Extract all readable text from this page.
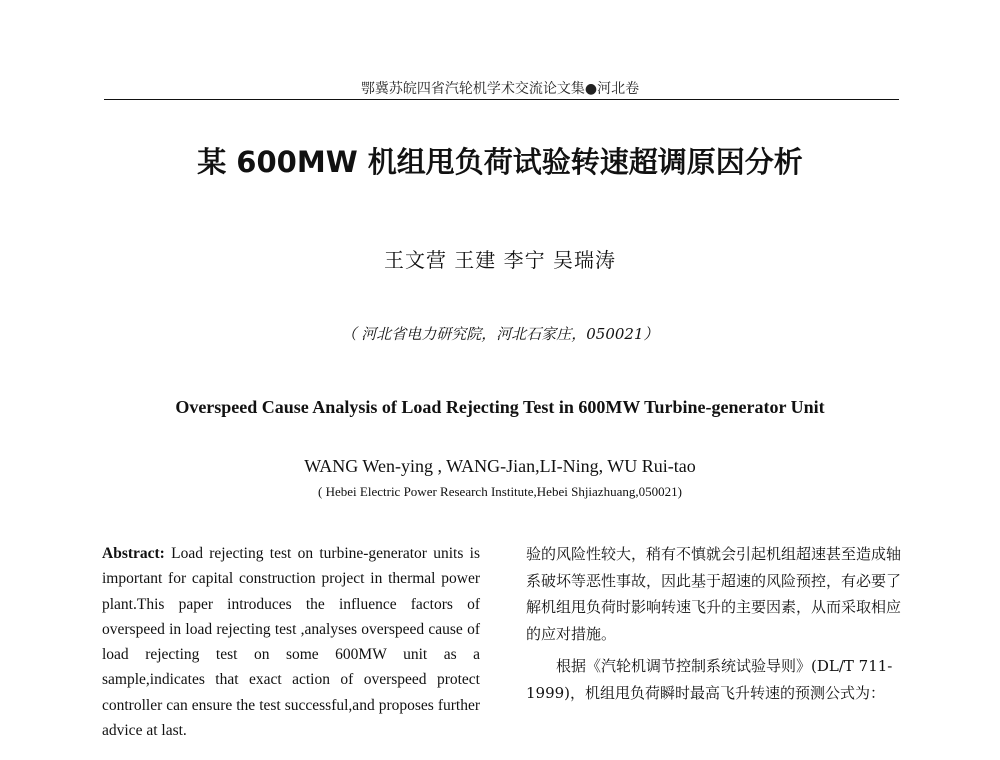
鄂冀苏皖四省汽轮机学术交流论文集●河北卷
某 600MW 机组甩负荷试验转速超调原因分析
王文营 王建 李宁 吴瑞涛
（ 河北省电力研究院，河北石家庄，050021）
Overspeed Cause Analysis of Load Rejecting Test in 600MW Turbine-generator Unit
WANG Wen-ying , WANG-Jian,LI-Ning, WU Rui-tao
( Hebei Electric Power Research Institute,Hebei Shjiazhuang,050021)

Abstract: Load rejecting test on turbine-generator units is important for capital construction project in thermal power plant.This paper introduces the influence factors of overspeed in load rejecting test ,analyses overspeed cause of load rejecting test on some 600MW unit as a sample,indicates that exact action of overspeed protect controller can ensure the test successful,and proposes further advice at last.

验的风险性较大，稍有不慎就会引起机组超速甚至造成轴系破坏等恶性事故，因此基于超速的风险预控，有必要了解机组甩负荷时影响转速飞升的主要因素，从而采取相应的应对措施。

根据《汽轮机调节控制系统试验导则》(DL/T 711-1999)，机组甩负荷瞬时最高飞升转速的预测公式为：
